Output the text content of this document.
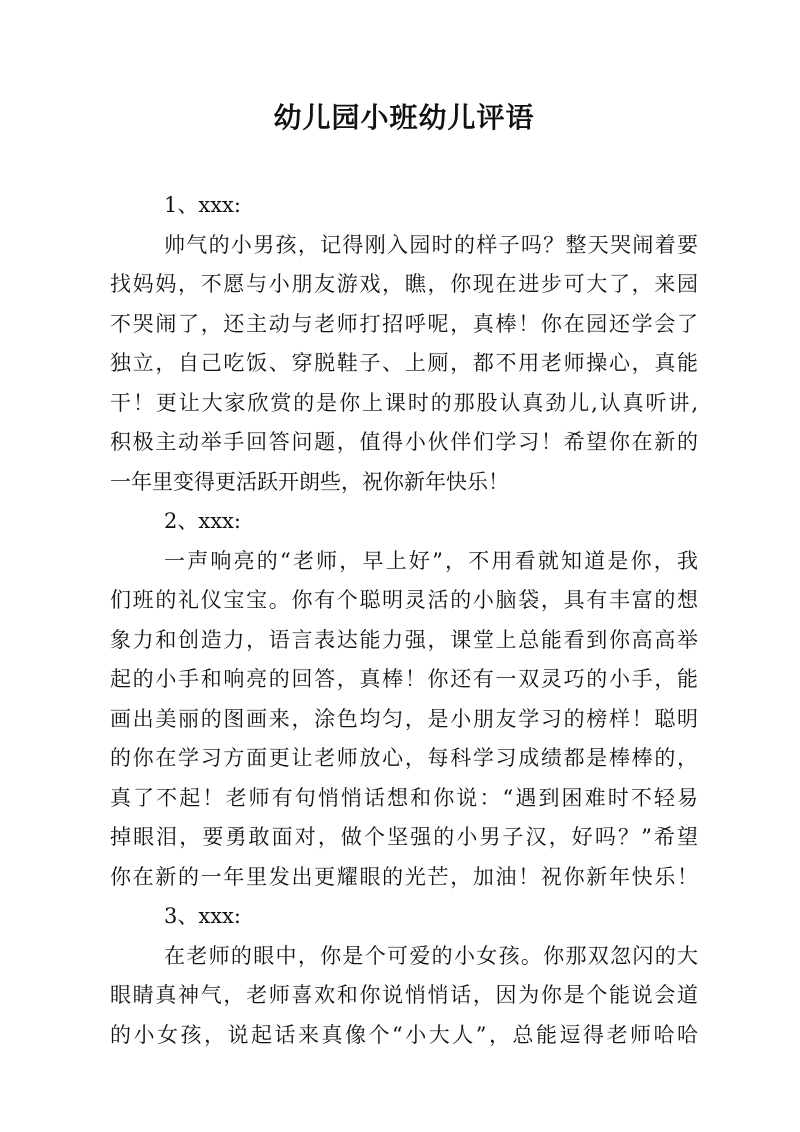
幼儿园小班幼儿评语
1、xxx:
帅气的小男孩，记得刚入园时的样子吗？整天哭闹着要
找妈妈，不愿与小朋友游戏，瞧，你现在进步可大了，来园
不哭闹了，还主动与老师打招呼呢，真棒！你在园还学会了
独立，自己吃饭、穿脱鞋子、上厕，都不用老师操心，真能
干！更让大家欣赏的是你上课时的那股认真劲儿,认真听讲,
积极主动举手回答问题，值得小伙伴们学习！希望你在新的
一年里变得更活跃开朗些，祝你新年快乐！
2、xxx:
一声响亮的“老师，早上好”，不用看就知道是你，我
们班的礼仪宝宝。你有个聪明灵活的小脑袋，具有丰富的想
象力和创造力，语言表达能力强，课堂上总能看到你高高举
起的小手和响亮的回答，真棒！你还有一双灵巧的小手，能
画出美丽的图画来，涂色均匀，是小朋友学习的榜样！聪明
的你在学习方面更让老师放心，每科学习成绩都是棒棒的，
真了不起！老师有句悄悄话想和你说：“遇到困难时不轻易
掉眼泪，要勇敢面对，做个坚强的小男子汉，好吗？”希望
你在新的一年里发出更耀眼的光芒，加油！祝你新年快乐！
3、xxx:
在老师的眼中，你是个可爱的小女孩。你那双忽闪的大
眼睛真神气，老师喜欢和你说悄悄话，因为你是个能说会道
的小女孩，说起话来真像个“小大人”，总能逗得老师哈哈
